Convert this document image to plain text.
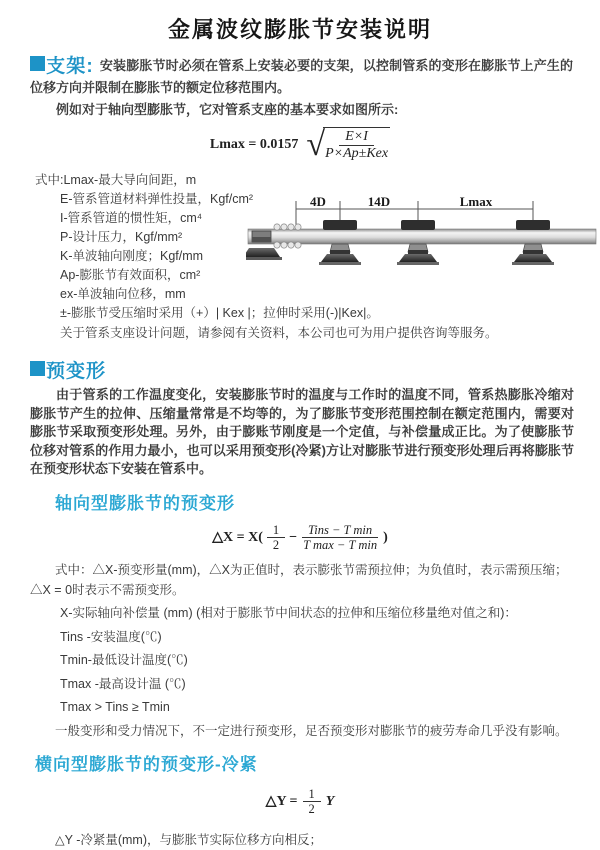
金属波纹膨胀节安装说明

支架: 安装膨胀节时必须在管系上安装必要的支架，以控制管系的变形在膨胀节上产生的位移方向并限制在膨胀节的额定位移范围内。

例如对于轴向型膨胀节，它对管系支座的基本要求如图所示:
Lmax = 0.0157 √
$\frac{E\times I}{\text{P×Ap±Kex}}$
式中:Lmax-最大导向间距，m
E-管系管道材料弹性投量，Kgf/cm²
I-管系管道的惯性矩，cm⁴
P-设计压力，Kgf/mm²
K-单波轴向刚度；Kgf/mm
Ap-膨胀节有效面积，cm²
ex-单波轴向位移，mm
±-膨胀节受压缩时采用（+）| Kex |；拉伸时采用(-)|Kex|。
关于管系支座设计问题，请参阅有关资料，本公司也可为用户提供咨询等服务。
4D	14D	Lmax
预变形

由于管系的工作温度变化，安装膨胀节时的温度与工作时的温度不同，管系热膨胀冷缩对膨胀节产生的拉伸、压缩量常常是不均等的，为了膨胀节变形范围控制在额定范围内，需要对膨胀节采取预变形处理。另外，由于膨账节刚度是一个定值，与补偿量成正比。为了使膨胀节位移对管系的作用力最小，也可以采用预变形(冷紧)方让对膨胀节进行预变形处理后再将膨胀节在预变形状态下安装在管系中。

轴向型膨胀节的预变形
△X = $X( \frac{1}{2} - \frac{\text{Tins − T min}}{\text{T max − T min}}$ )
式中：△X-预变形量(mm)，△X为正值时，表示膨张节需预拉伸；为负值时，表示需预压缩；△X = 0时表示不需预变形。
X-实际轴向补偿量 (mm) (相对于膨胀节中间状态的拉伸和压缩位移量绝对值之和)：
Tins -安装温度(℃)
Tmin-最低设计温度(℃)
Tmax -最高设计温 (℃)
Tmax > Tins ≥ Tmin
一般变形和受力情况下，不一定进行预变形，足否预变形对膨胀节的疲劳寿命几乎没有影响。
横向型膨胀节的预变形-冷紧
△Y = $\frac{1}{2}$ Y
△Y -冷紧量(mm)，与膨胀节实际位移方向相反；
